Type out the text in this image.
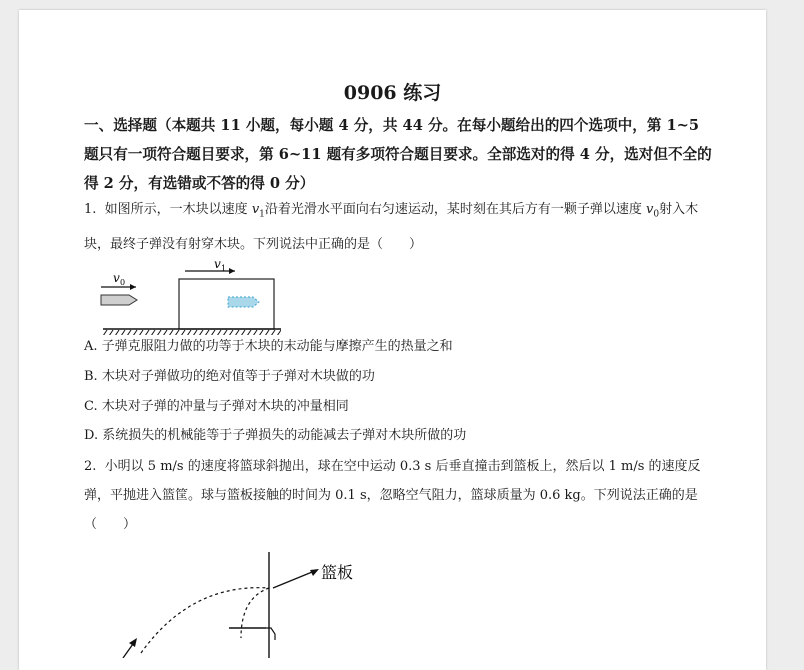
0906 练习
一、选择题（本题共 11 小题，每小题 4 分，共 44 分。在每小题给出的四个选项中，第 1~5 题只有一项符合题目要求，第 6~11 题有多项符合题目要求。全部选对的得 4 分，选对但不全的得 2 分，有选错或不答的得 0 分）
1. 如图所示，一木块以速度 $v_1$沿着光滑水平面向右匀速运动，某时刻在其后方有一颗子弹以速度 $v_0$射入木块，最终子弹没有射穿木块。下列说法中正确的是（　　）
v 0
v 1
A. 子弹克服阻力做的功等于木块的末动能与摩擦产生的热量之和
B. 木块对子弹做功的绝对值等于子弹对木块做的功
C. 木块对子弹的冲量与子弹对木块的冲量相同
D. 系统损失的机械能等于子弹损失的动能减去子弹对木块所做的功
2. 小明以 5 m/s 的速度将篮球斜抛出，球在空中运动 0.3 s 后垂直撞击到篮板上，然后以 1 m/s 的速度反弹，平抛进入篮筐。球与篮板接触的时间为 0.1 s，忽略空气阻力，篮球质量为 0.6 kg。下列说法正确的是（　　）
篮板
